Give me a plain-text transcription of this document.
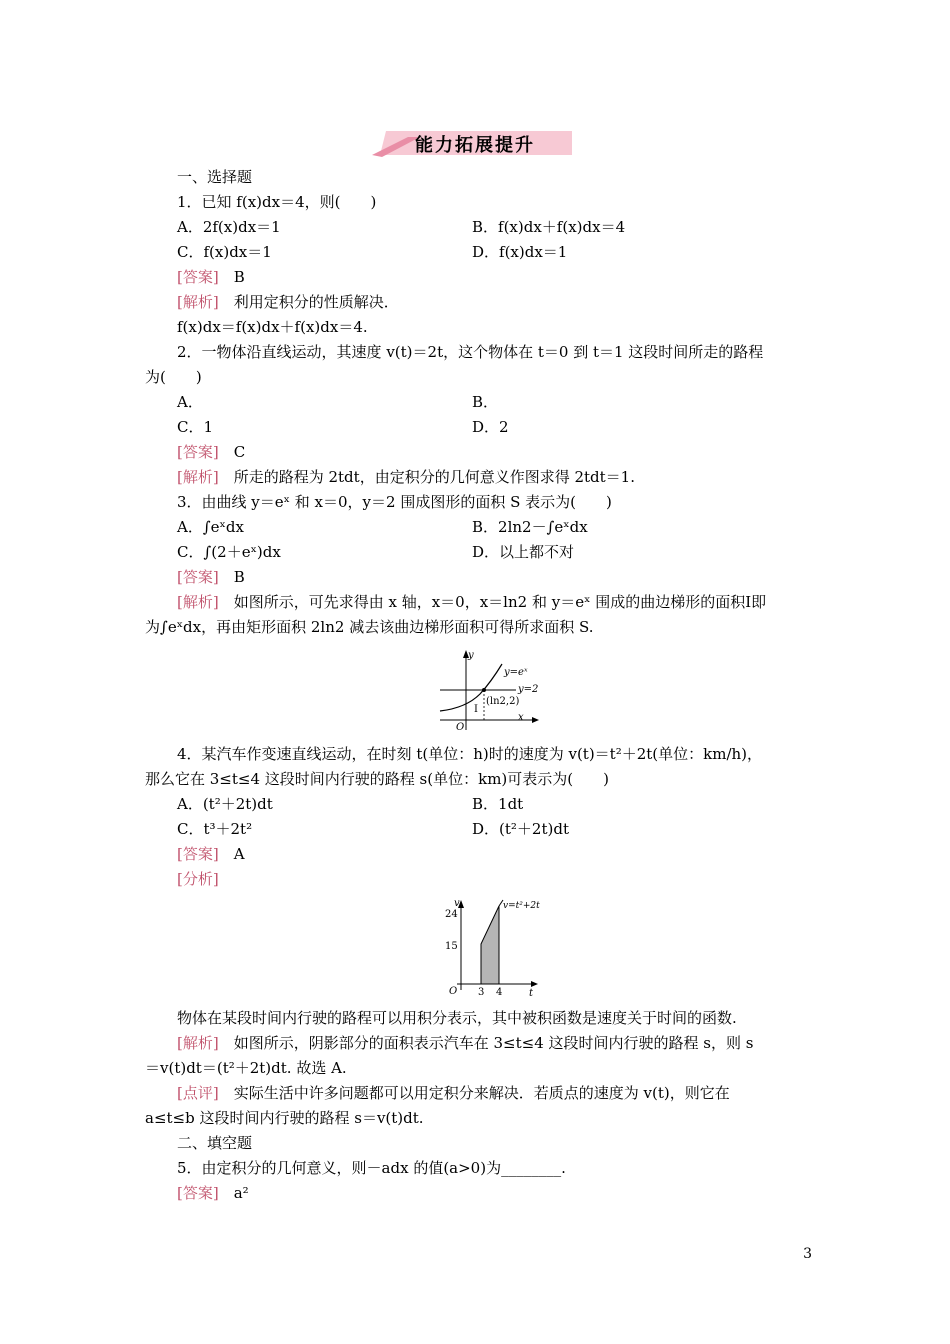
能力拓展提升
一、选择题
1．已知 f(x)dx＝4，则(　　)
A．2f(x)dx＝1	B．f(x)dx＋f(x)dx＝4
C．f(x)dx＝1	D．f(x)dx＝1
[答案]　B
[解析]　利用定积分的性质解决．
f(x)dx＝f(x)dx＋f(x)dx＝4.
2．一物体沿直线运动，其速度 v(t)＝2t，这个物体在 t＝0 到 t＝1 这段时间所走的路程
为(　　)
A．	B．
C．1	D．2
[答案]　C
[解析]　所走的路程为 2tdt，由定积分的几何意义作图求得 2tdt＝1.
3．由曲线 y＝eˣ 和 x＝0，y＝2 围成图形的面积 S 表示为(　　)
A．∫eˣdx	B．2ln2－∫eˣdx
C．∫(2＋eˣ)dx	D．以上都不对
[答案]　B
[解析]　如图所示，可先求得由 x 轴，x＝0，x＝ln2 和 y＝eˣ 围成的曲边梯形的面积Ⅰ即
为∫eˣdx，再由矩形面积 2ln2 减去该曲边梯形面积可得所求面积 S.
4．某汽车作变速直线运动，在时刻 t(单位：h)时的速度为 v(t)＝t²＋2t(单位：km/h)，
那么它在 3≤t≤4 这段时间内行驶的路程 s(单位：km)可表示为(　　)
A．(t²＋2t)dt	B．1dt
C．t³＋2t²	D．(t²＋2t)dt
[答案]　A
[分析]
物体在某段时间内行驶的路程可以用积分表示，其中被积函数是速度关于时间的函数.
[解析]　如图所示，阴影部分的面积表示汽车在 3≤t≤4 这段时间内行驶的路程 s，则 s
＝v(t)dt＝(t²＋2t)dt. 故选 A.
[点评]　实际生活中许多问题都可以用定积分来解决．若质点的速度为 v(t)，则它在
a≤t≤b 这段时间内行驶的路程 s＝v(t)dt.
二、填空题
5．由定积分的几何意义，则－adx 的值(a>0)为________.
[答案]　a²
y
x
O
y=eˣ
y=2
(ln2,2)
Ⅰ
v
t
O
v=t²+2t
24
15
3 4
3
